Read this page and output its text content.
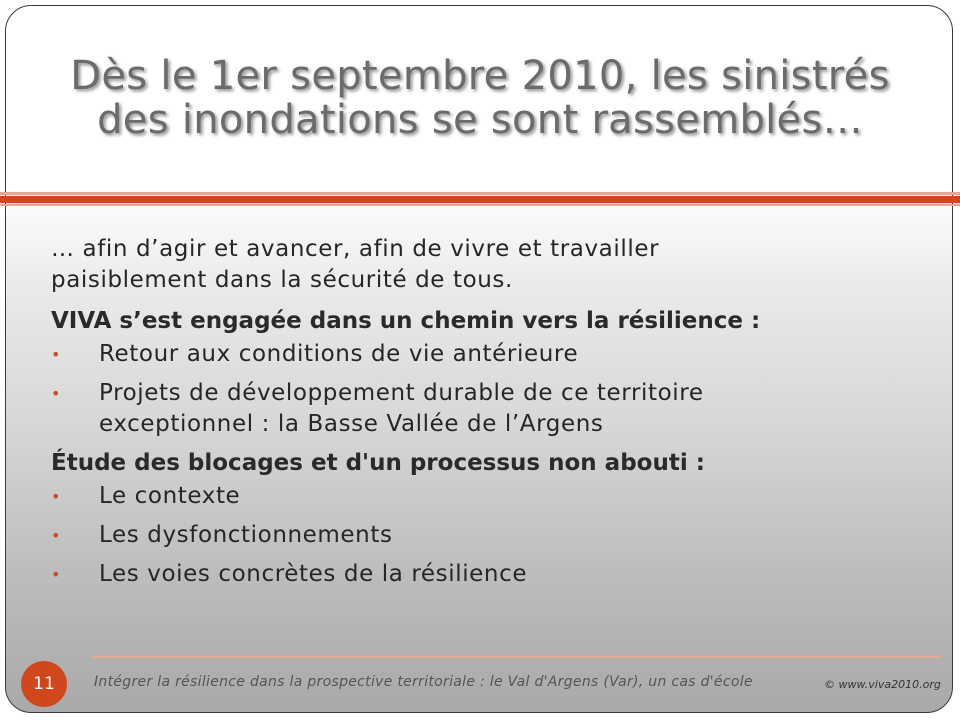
Dès le 1er septembre 2010, les sinistrés
des inondations se sont rassemblés…
… afin d’agir et avancer, afin de vivre et travailler
paisiblement dans la sécurité de tous.
VIVA s’est engagée dans un chemin vers la résilience :
•	Retour aux conditions de vie antérieure
•	Projets de développement durable de ce territoire
exceptionnel : la Basse Vallée de l’Argens
Étude des blocages et d'un processus non abouti :
•	Le contexte
•	Les dysfonctionnements
•	Les voies concrètes de la résilience
11	Intégrer la résilience dans la prospective territoriale : le Val d'Argens (Var), un cas d'école	© www.viva2010.org
